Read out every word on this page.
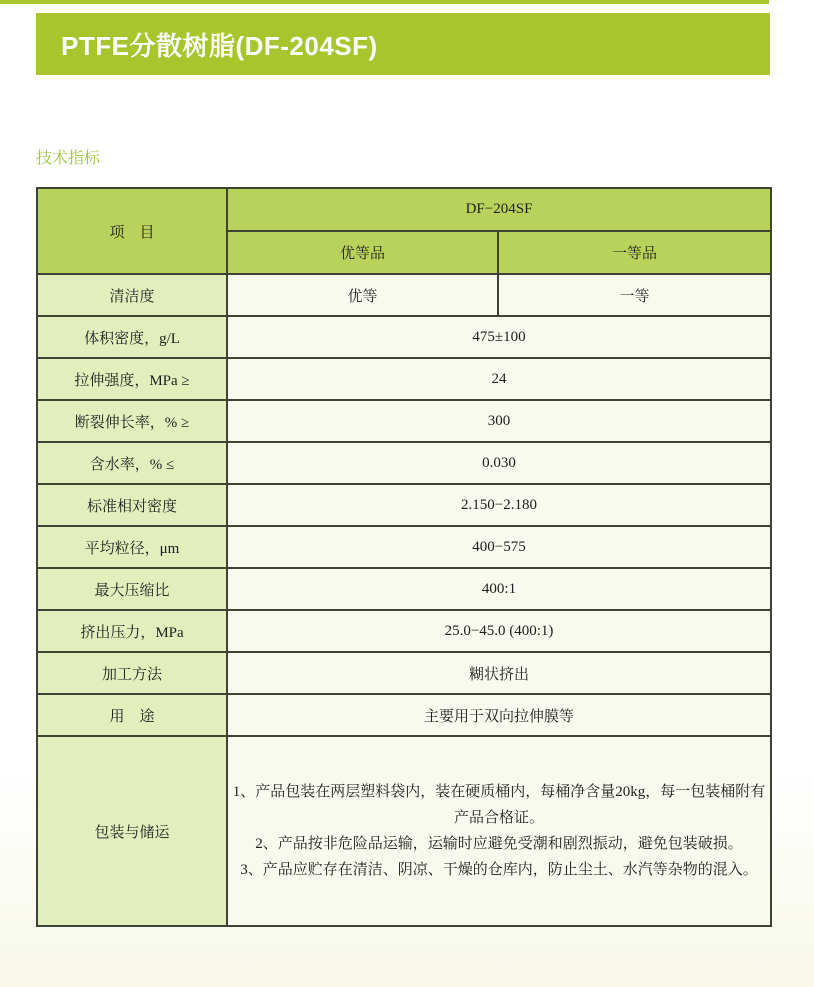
PTFE分散树脂(DF-204SF)
技术指标
项　目	DF−204SF	
	优等品	一等品
清洁度	优等	一等
体积密度，g/L	475±100	
拉伸强度，MPa ≥	24	
断裂伸长率，% ≥	300	
含水率，% ≤	0.030	
标准相对密度	2.150−2.180	
平均粒径，μm	400−575	
最大压缩比	400:1	
挤出压力，MPa	25.0−45.0 (400:1)	
加工方法	糊状挤出	
用　途	主要用于双向拉伸膜等	
包装与储运	1、产品包装在两层塑料袋内，装在硬质桶内，每桶净含量20kg，每一包装桶附有产品合格证。
2、产品按非危险品运输，运输时应避免受潮和剧烈振动，避免包装破损。
3、产品应贮存在清洁、阴凉、干燥的仓库内，防止尘土、水汽等杂物的混入。	
